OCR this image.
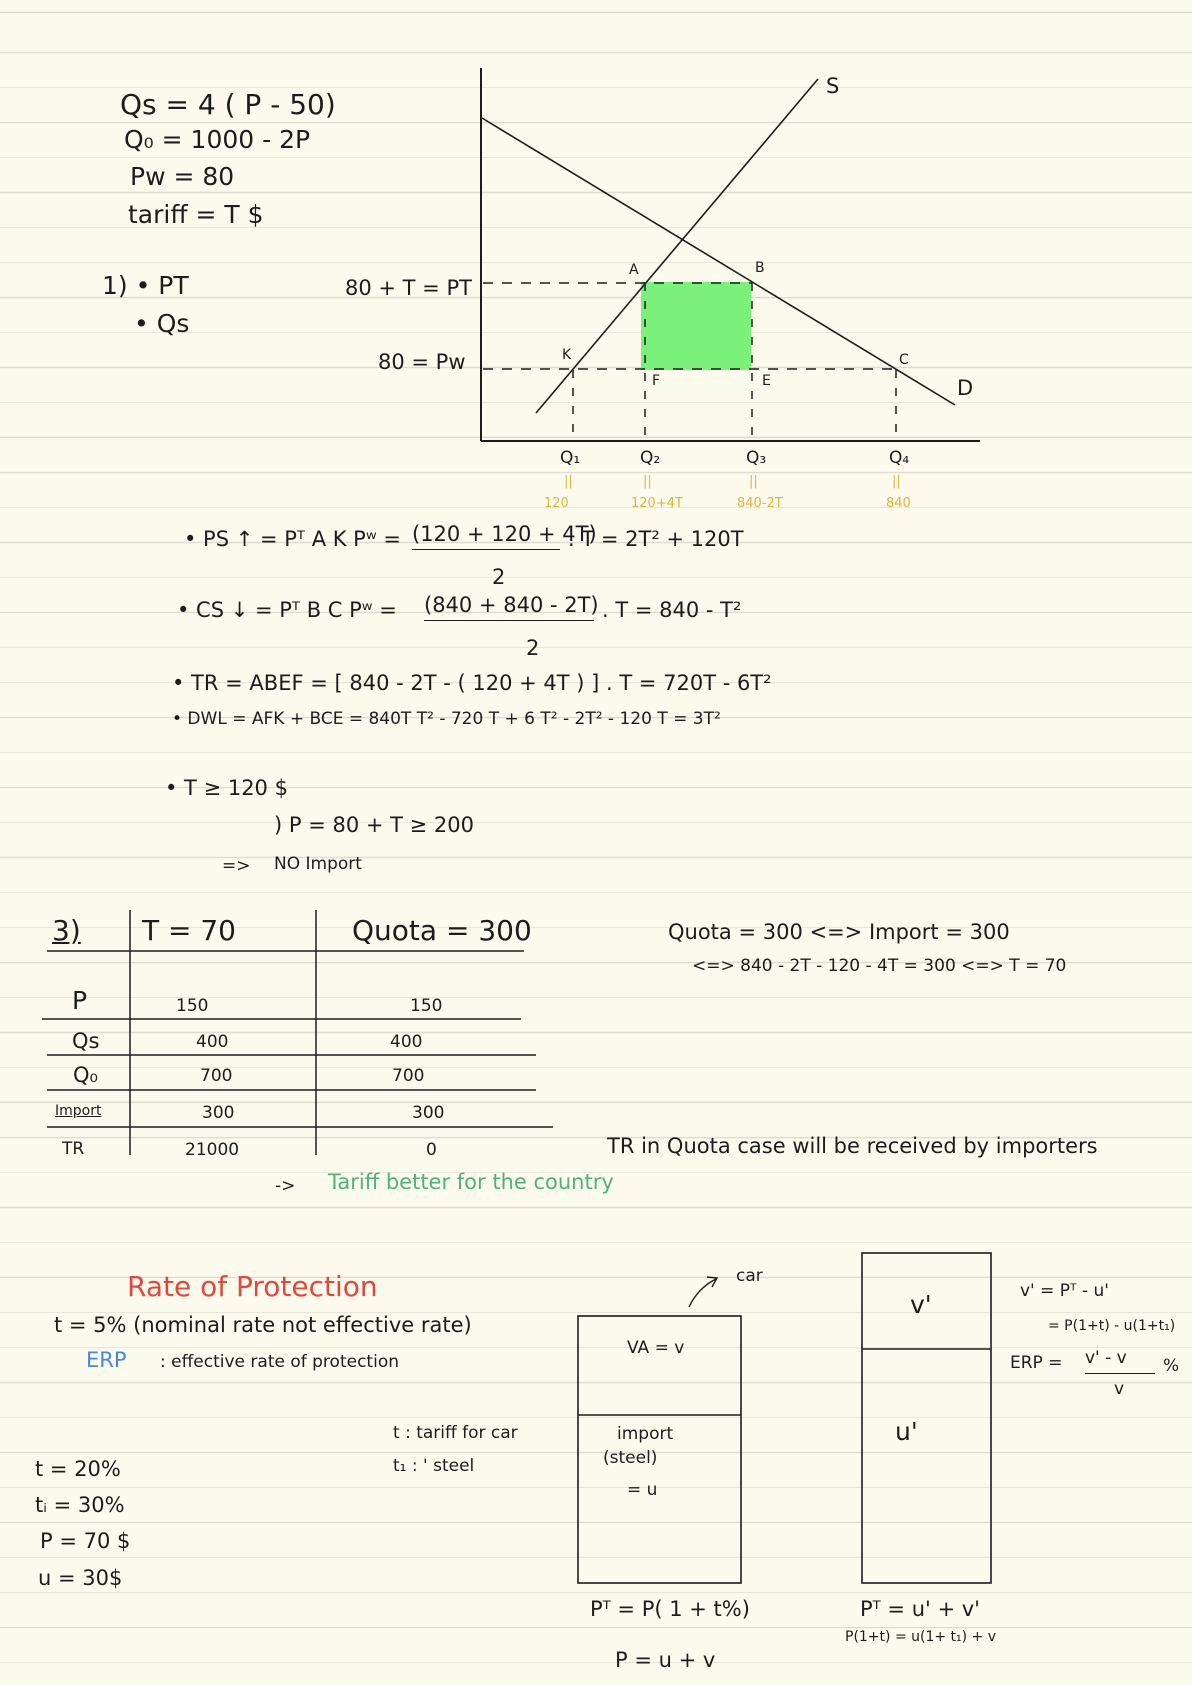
Qs = 4 ( P - 50)
Q₀ = 1000 - 2P
Pw = 80
tariff = T $
1) • PT
• Qs
80 + T = PT
80 = Pw
S
D
A	B
C
K
F	E
Q₁	Q₂	Q₃	Q₄
||	||	||	||
120	120+4T	840-2T	840
• PS ↑ = Pᵀ A K Pʷ = (120 + 120 + 4T)
2
. T = 2T² + 120T
• CS ↓ = Pᵀ B C Pʷ = (840 + 840 - 2T)
2
. T = 840 - T²
• TR = ABEF = [ 840 - 2T - ( 120 + 4T ) ] . T = 720T - 6T²
• DWL = AFK + BCE = 840T T² - 720 T + 6 T² - 2T² - 120 T = 3T²
• T ≥ 120 $
) P = 80 + T ≥ 200
=> NO Import
3) T = 70	Quota = 300
P	150	150
Qs	400	400
Q₀	700	700
Import	300	300
TR	21000	0
Quota = 300 <=> Import = 300
<=> 840 - 2T - 120 - 4T = 300 <=> T = 70
TR in Quota case will be received by importers
-> Tariff better for the country
Rate of Protection
t = 5% (nominal rate not effective rate)
ERP : effective rate of protection
car
VA = v
import
(steel)
= u
t : tariff for car
t₁ : ' steel
v'
u'
t = 20%
tᵢ = 30%
P = 70 $
u = 30$
Pᵀ = P( 1 + t%)
P = u + v
Pᵀ = u' + v'
P(1+t) = u(1+ t₁) + v
v' = Pᵀ - u'
= P(1+t) - u(1+t₁)
ERP = v' - v
v
%
